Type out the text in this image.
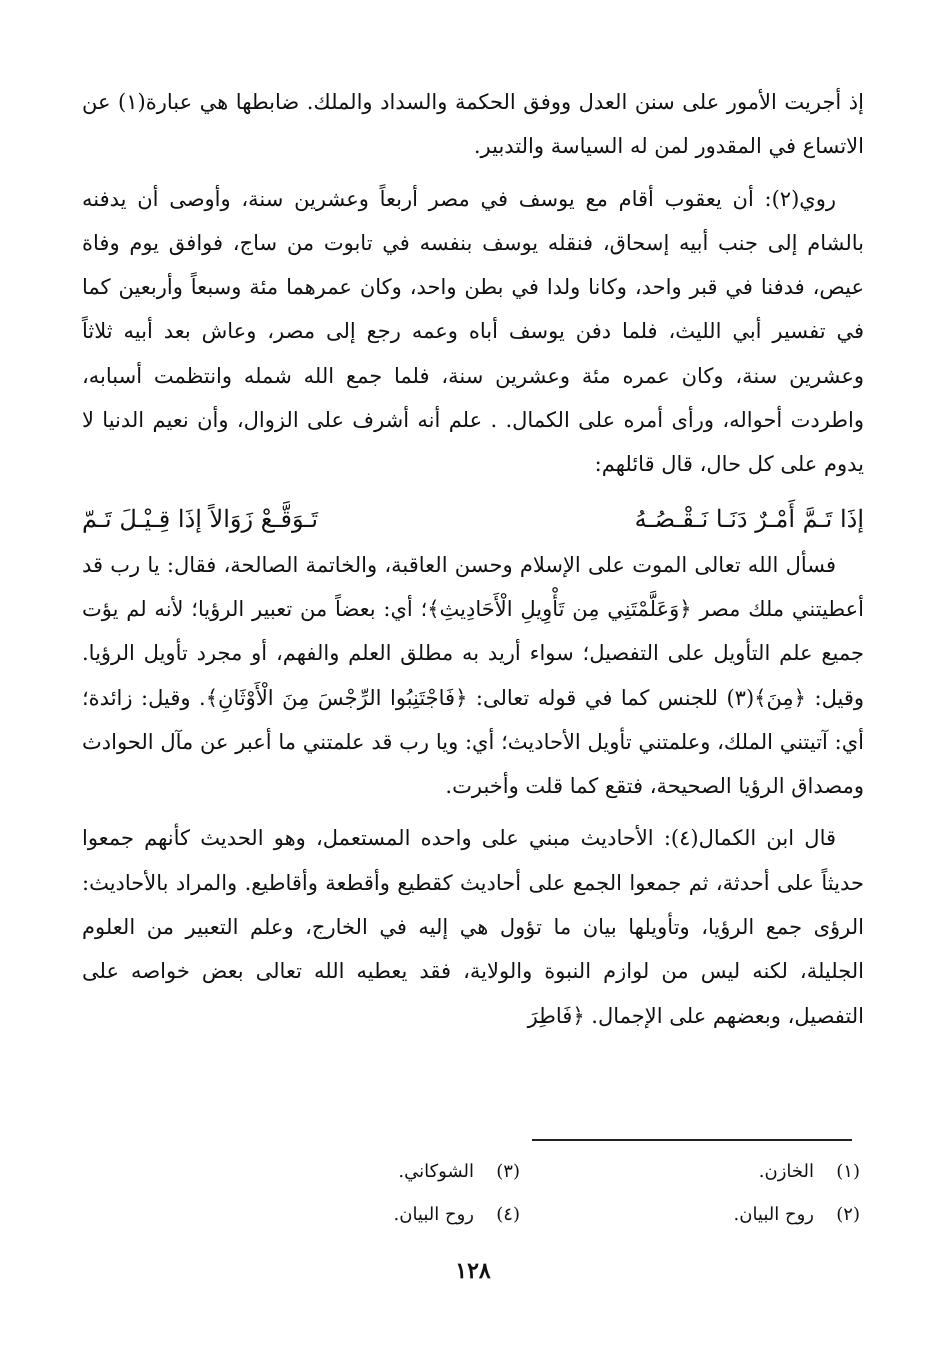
إذ أجريت الأمور على سنن العدل ووفق الحكمة والسداد والملك. ضابطها هي عبارة(١) عن الاتساع في المقدور لمن له السياسة والتدبير.

روي(٢): أن يعقوب أقام مع يوسف في مصر أربعاً وعشرين سنة، وأوصى أن يدفنه بالشام إلى جنب أبيه إسحاق، فنقله يوسف بنفسه في تابوت من ساج، فوافق يوم وفاة عيص، فدفنا في قبر واحد، وكانا ولدا في بطن واحد، وكان عمرهما مئة وسبعاً وأربعين كما في تفسير أبي الليث، فلما دفن يوسف أباه وعمه رجع إلى مصر، وعاش بعد أبيه ثلاثاً وعشرين سنة، وكان عمره مئة وعشرين سنة، فلما جمع الله شمله وانتظمت أسبابه، واطردت أحواله، ورأى أمره على الكمال. . علم أنه أشرف على الزوال، وأن نعيم الدنيا لا يدوم على كل حال، قال قائلهم:

إذَا تَـمَّ أَمْـرٌ دَنَـا نَـقْـصُـهُ
تَـوَقَّـعْ زَوَالاً إذَا قِـيْـلَ تَـمّ

فسأل الله تعالى الموت على الإسلام وحسن العاقبة، والخاتمة الصالحة، فقال: يا رب قد أعطيتني ملك مصر ﴿وَعَلَّمْتَنِي مِن تَأْوِيلِ الْأَحَادِيثِ﴾؛ أي: بعضاً من تعبير الرؤيا؛ لأنه لم يؤت جميع علم التأويل على التفصيل؛ سواء أريد به مطلق العلم والفهم، أو مجرد تأويل الرؤيا. وقيل: ﴿مِنَ﴾(٣) للجنس كما في قوله تعالى: ﴿فَاجْتَنِبُوا الرِّجْسَ مِنَ الْأَوْثَانِ﴾. وقيل: زائدة؛ أي: آتيتني الملك، وعلمتني تأويل الأحاديث؛ أي: ويا رب قد علمتني ما أعبر عن مآل الحوادث ومصداق الرؤيا الصحيحة، فتقع كما قلت وأخبرت.

قال ابن الكمال(٤): الأحاديث مبني على واحده المستعمل، وهو الحديث كأنهم جمعوا حديثاً على أحدثة، ثم جمعوا الجمع على أحاديث كقطيع وأقطعة وأقاطيع. والمراد بالأحاديث: الرؤى جمع الرؤيا، وتأويلها بيان ما تؤول هي إليه في الخارج، وعلم التعبير من العلوم الجليلة، لكنه ليس من لوازم النبوة والولاية، فقد يعطيه الله تعالى بعض خواصه على التفصيل، وبعضهم على الإجمال. ﴿فَاطِرَ

(١)
الخازن.
(٣)
الشوكاني.
(٢)
روح البيان.
(٤)
روح البيان.
١٢٨
